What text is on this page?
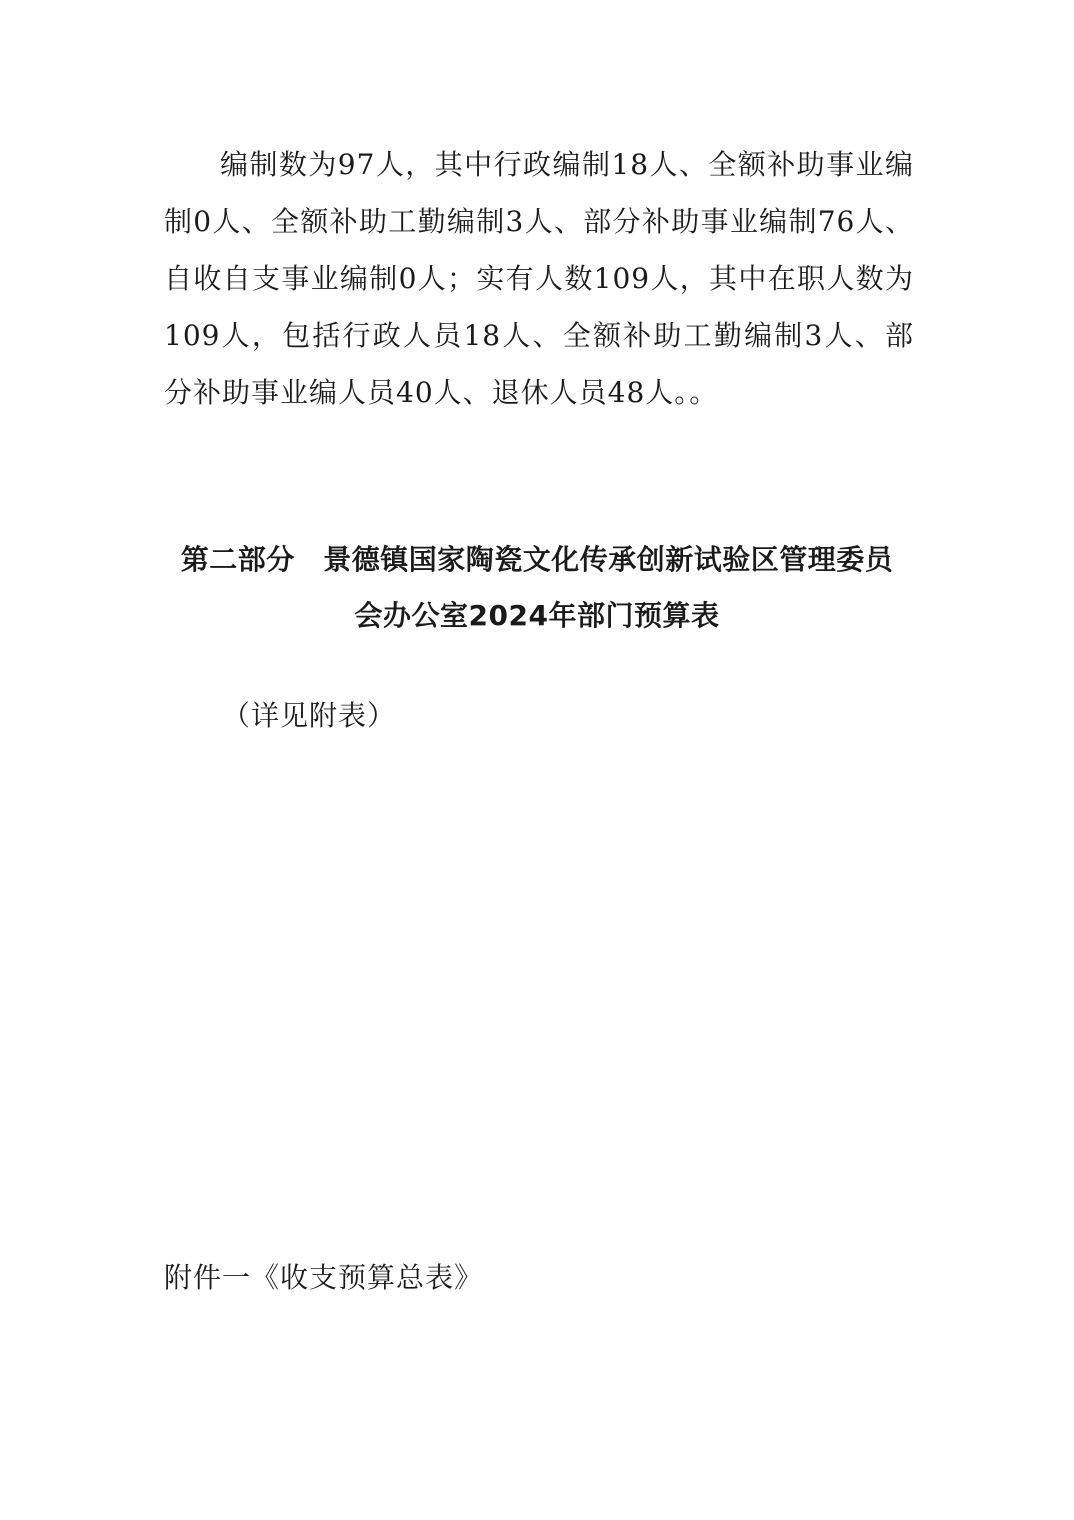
编制数为97人，其中行政编制18人、全额补助事业编制0人、全额补助工勤编制3人、部分补助事业编制76人、自收自支事业编制0人；实有人数109人，其中在职人数为109人，包括行政人员18人、全额补助工勤编制3人、部分补助事业编人员40人、退休人员48人。。

第二部分　景德镇国家陶瓷文化传承创新试验区管理委员
会办公室2024年部门预算表

（详见附表）

附件一《收支预算总表》
